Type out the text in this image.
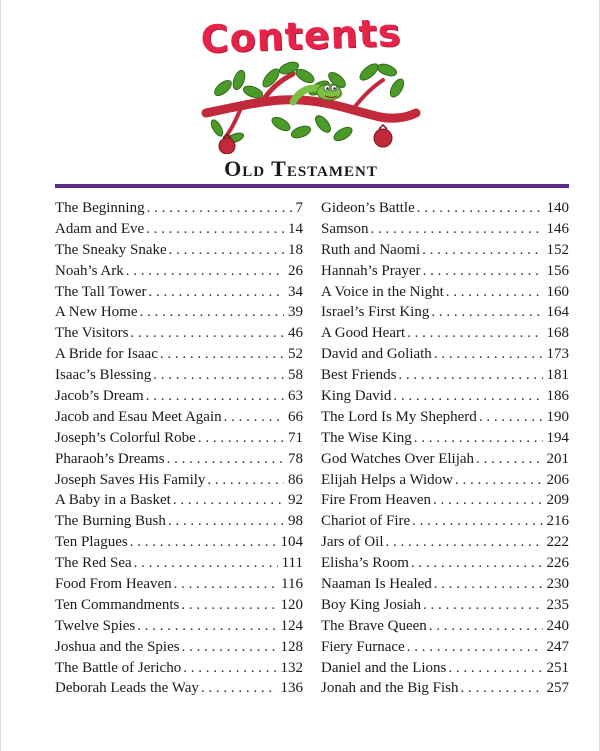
Contents
Old Testament
The Beginning . . .	7
Adam and Eve . . .	14
The Sneaky Snake . . .	18
Noah’s Ark . . .	26
The Tall Tower . . .	34
A New Home . . .	39
The Visitors . . .	46
A Bride for Isaac . . .	52
Isaac’s Blessing . . .	58
Jacob’s Dream . . .	63
Jacob and Esau Meet Again . . .	66
Joseph’s Colorful Robe . . .	71
Pharaoh’s Dreams . . .	78
Joseph Saves His Family . . .	86
A Baby in a Basket . . .	92
The Burning Bush . . .	98
Ten Plagues . . .	104
The Red Sea . . .	111
Food From Heaven . . .	116
Ten Commandments . . .	120
Twelve Spies . . .	124
Joshua and the Spies . . .	128
The Battle of Jericho . . .	132
Deborah Leads the Way . . .	136
Gideon’s Battle . . .	140
Samson . . .	146
Ruth and Naomi . . .	152
Hannah’s Prayer . . .	156
A Voice in the Night . . .	160
Israel’s First King . . .	164
A Good Heart . . .	168
David and Goliath . . .	173
Best Friends . . .	181
King David . . .	186
The Lord Is My Shepherd . . .	190
The Wise King . . .	194
God Watches Over Elijah . . .	201
Elijah Helps a Widow . . .	206
Fire From Heaven . . .	209
Chariot of Fire . . .	216
Jars of Oil . . .	222
Elisha’s Room . . .	226
Naaman Is Healed . . .	230
Boy King Josiah . . .	235
The Brave Queen . . .	240
Fiery Furnace . . .	247
Daniel and the Lions . . .	251
Jonah and the Big Fish . . .	257
